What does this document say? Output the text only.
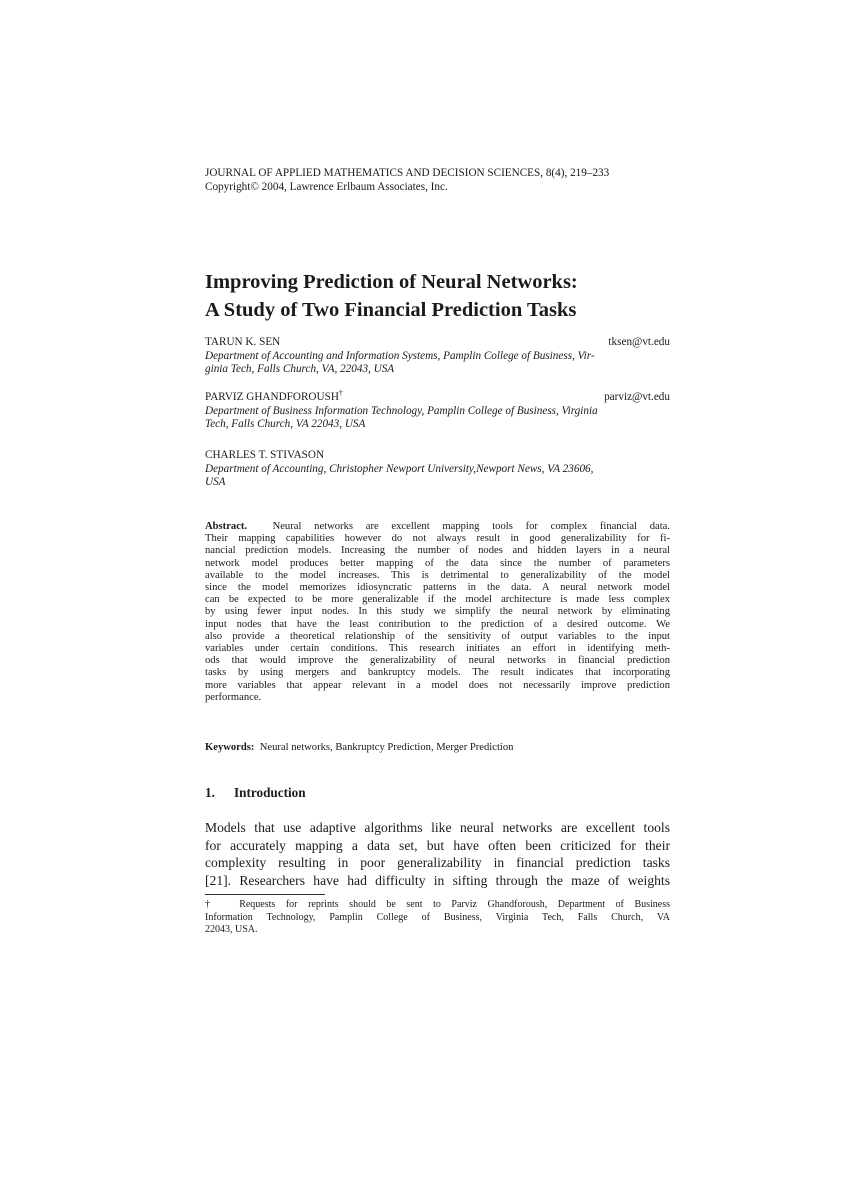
JOURNAL OF APPLIED MATHEMATICS AND DECISION SCIENCES, 8(4), 219–233
Copyright© 2004, Lawrence Erlbaum Associates, Inc.
Improving Prediction of Neural Networks:
A Study of Two Financial Prediction Tasks
TARUN K. SEN	tksen@vt.edu
Department of Accounting and Information Systems, Pamplin College of Business, Vir-
ginia Tech, Falls Church, VA, 22043, USA
PARVIZ GHANDFOROUSH†	parviz@vt.edu
Department of Business Information Technology, Pamplin College of Business, Virginia
Tech, Falls Church, VA 22043, USA
CHARLES T. STIVASON
Department of Accounting, Christopher Newport University,Newport News, VA 23606,
USA
Abstract. Neural networks are excellent mapping tools for complex financial data.
Their mapping capabilities however do not always result in good generalizability for fi-
nancial prediction models. Increasing the number of nodes and hidden layers in a neural
network model produces better mapping of the data since the number of parameters
available to the model increases. This is detrimental to generalizability of the model
since the model memorizes idiosyncratic patterns in the data. A neural network model
can be expected to be more generalizable if the model architecture is made less complex
by using fewer input nodes. In this study we simplify the neural network by eliminating
input nodes that have the least contribution to the prediction of a desired outcome. We
also provide a theoretical relationship of the sensitivity of output variables to the input
variables under certain conditions. This research initiates an effort in identifying meth-
ods that would improve the generalizability of neural networks in financial prediction
tasks by using mergers and bankruptcy models. The result indicates that incorporating
more variables that appear relevant in a model does not necessarily improve prediction
performance.
Keywords: Neural networks, Bankruptcy Prediction, Merger Prediction
1. Introduction
Models that use adaptive algorithms like neural networks are excellent tools
for accurately mapping a data set, but have often been criticized for their
complexity resulting in poor generalizability in financial prediction tasks
[21]. Researchers have had difficulty in sifting through the maze of weights
† Requests for reprints should be sent to Parviz Ghandforoush, Department of Business
Information Technology, Pamplin College of Business, Virginia Tech, Falls Church, VA
22043, USA.
